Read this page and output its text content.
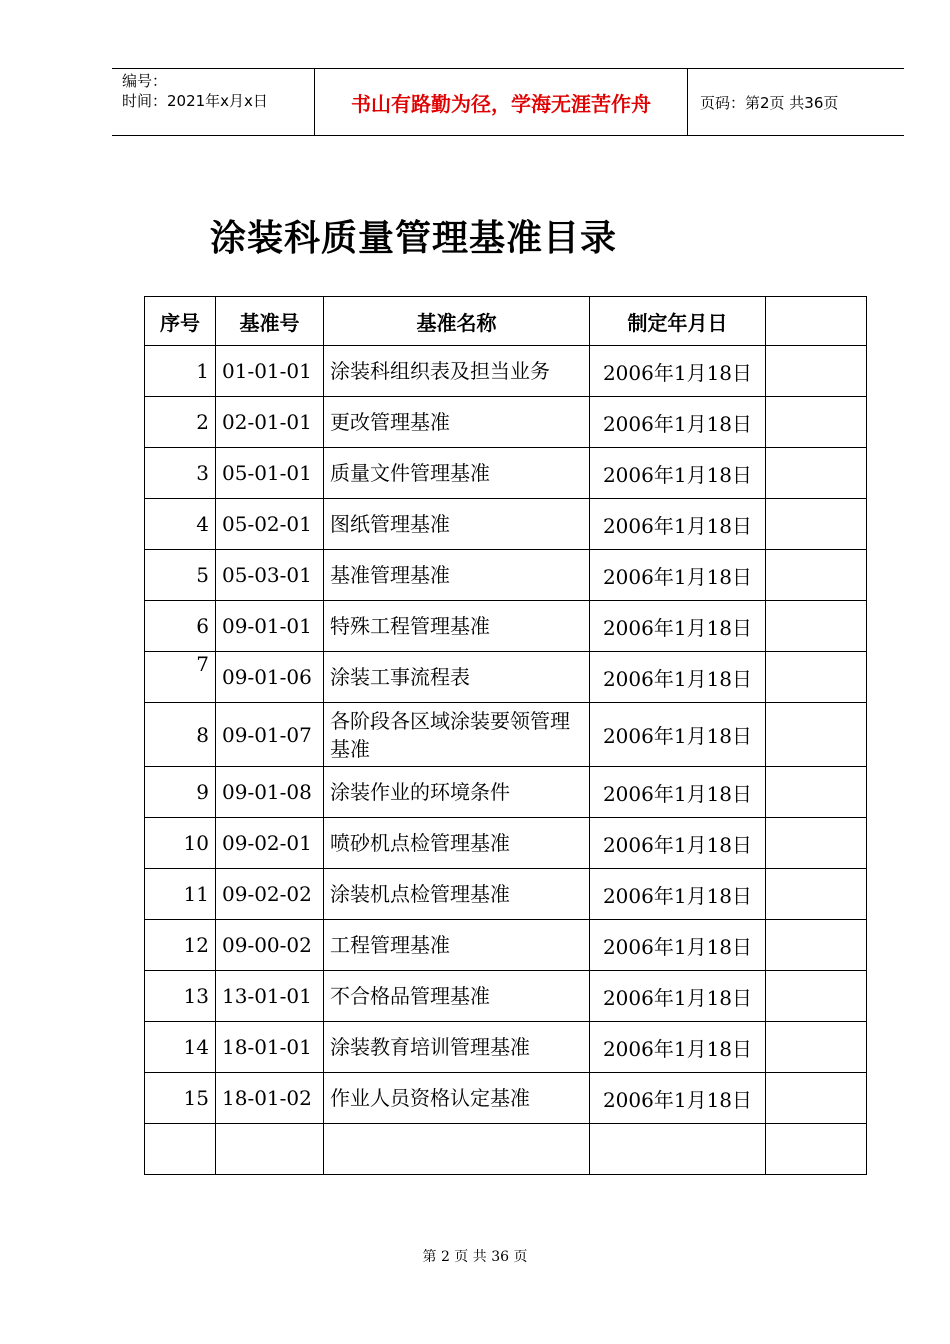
编号：
时间：2021年x月x日	书山有路勤为径，学海无涯苦作舟	页码：第2页 共36页
涂装科质量管理基准目录
序号	基准号	基准名称	制定年月日	
1	01-01-01	涂装科组织表及担当业务	2006年1月18日	
2	02-01-01	更改管理基准	2006年1月18日	
3	05-01-01	质量文件管理基准	2006年1月18日	
4	05-02-01	图纸管理基准	2006年1月18日	
5	05-03-01	基准管理基准	2006年1月18日	
6	09-01-01	特殊工程管理基准	2006年1月18日	
7	09-01-06	涂装工事流程表	2006年1月18日	
8	09-01-07	各阶段各区域涂装要领管理基准	2006年1月18日	
9	09-01-08	涂装作业的环境条件	2006年1月18日	
10	09-02-01	喷砂机点检管理基准	2006年1月18日	
11	09-02-02	涂装机点检管理基准	2006年1月18日	
12	09-00-02	工程管理基准	2006年1月18日	
13	13-01-01	不合格品管理基准	2006年1月18日	
14	18-01-01	涂装教育培训管理基准	2006年1月18日	
15	18-01-02	作业人员资格认定基准	2006年1月18日	

第 2 页 共 36 页
